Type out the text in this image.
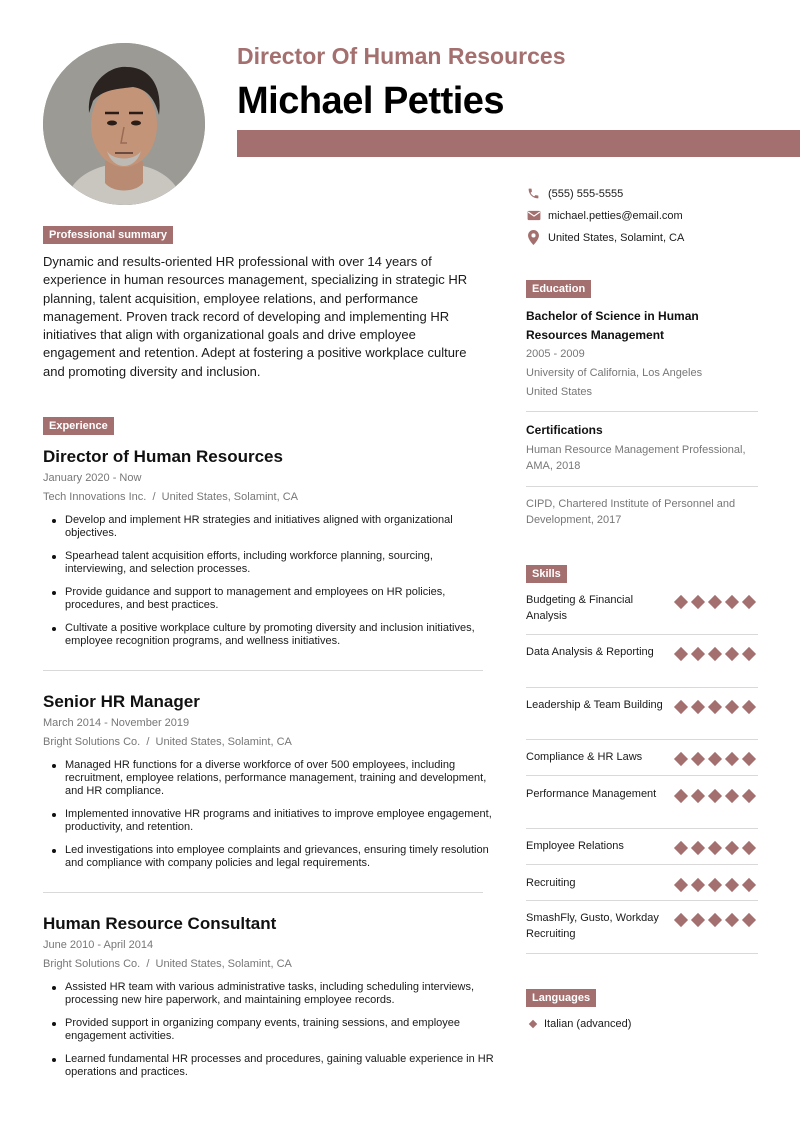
Director Of Human Resources
Michael Petties
(555) 555-5555
michael.petties@email.com
United States, Solamint, CA
Professional summary

Dynamic and results-oriented HR professional with over 14 years of experience in human resources management, specializing in strategic HR planning, talent acquisition, employee relations, and performance management. Proven track record of developing and implementing HR initiatives that align with organizational goals and drive employee engagement and retention. Adept at fostering a positive workplace culture and promoting diversity and inclusion.

Experience
Director of Human Resources
January 2020 - Now
Tech Innovations Inc. / United States, Solamint, CA
Develop and implement HR strategies and initiatives aligned with organizational objectives.
Spearhead talent acquisition efforts, including workforce planning, sourcing, interviewing, and selection processes.
Provide guidance and support to management and employees on HR policies, procedures, and best practices.
Cultivate a positive workplace culture by promoting diversity and inclusion initiatives, employee recognition programs, and wellness initiatives.
Senior HR Manager
March 2014 - November 2019
Bright Solutions Co. / United States, Solamint, CA
Managed HR functions for a diverse workforce of over 500 employees, including recruitment, employee relations, performance management, training and development, and HR compliance.
Implemented innovative HR programs and initiatives to improve employee engagement, productivity, and retention.
Led investigations into employee complaints and grievances, ensuring timely resolution and compliance with company policies and legal requirements.
Human Resource Consultant
June 2010 - April 2014
Bright Solutions Co. / United States, Solamint, CA
Assisted HR team with various administrative tasks, including scheduling interviews, processing new hire paperwork, and maintaining employee records.
Provided support in organizing company events, training sessions, and employee engagement activities.
Learned fundamental HR processes and procedures, gaining valuable experience in HR operations and practices.
Education
Bachelor of Science in Human Resources Management
2005 - 2009
University of California, Los Angeles
United States
Certifications
Human Resource Management Professional, AMA, 2018
CIPD, Chartered Institute of Personnel and Development, 2017
Skills
Budgeting & Financial Analysis
Data Analysis & Reporting
Leadership & Team Building
Compliance & HR Laws
Performance Management
Employee Relations
Recruiting
SmashFly, Gusto, Workday Recruiting
Languages
Italian (advanced)
